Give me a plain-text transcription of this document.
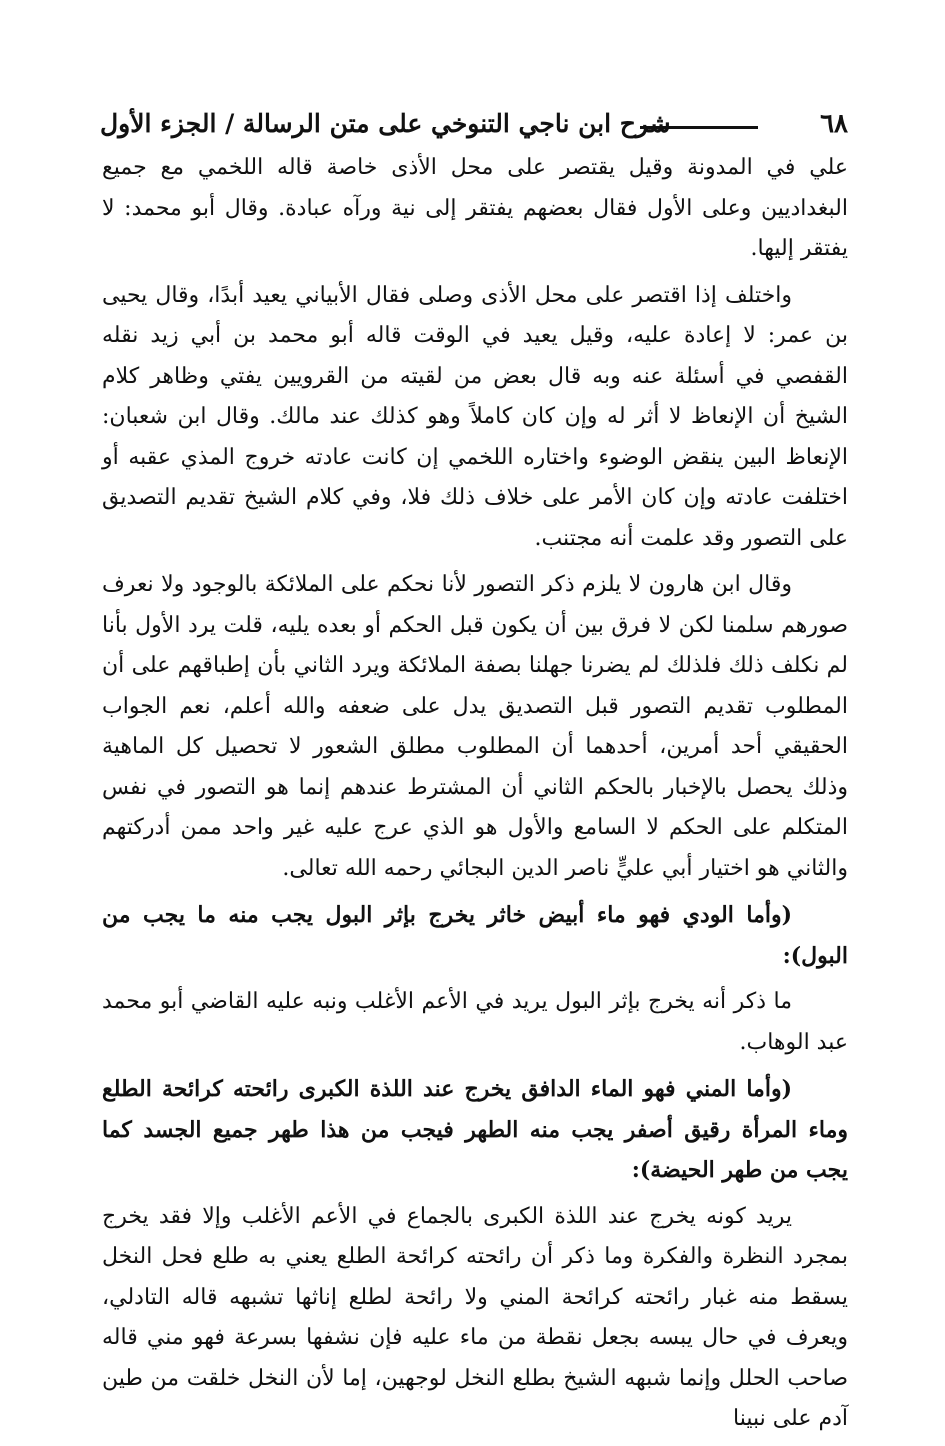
٦٨
شرح ابن ناجي التنوخي على متن الرسالة / الجزء الأول

علي في المدونة وقيل يقتصر على محل الأذى خاصة قاله اللخمي مع جميع البغداديين وعلى الأول فقال بعضهم يفتقر إلى نية ورآه عبادة. وقال أبو محمد: لا يفتقر إليها.

واختلف إذا اقتصر على محل الأذى وصلى فقال الأبياني يعيد أبدًا، وقال يحيى بن عمر: لا إعادة عليه، وقيل يعيد في الوقت قاله أبو محمد بن أبي زيد نقله القفصي في أسئلة عنه وبه قال بعض من لقيته من القرويين يفتي وظاهر كلام الشيخ أن الإنعاظ لا أثر له وإن كان كاملاً وهو كذلك عند مالك. وقال ابن شعبان: الإنعاظ البين ينقض الوضوء واختاره اللخمي إن كانت عادته خروج المذي عقبه أو اختلفت عادته وإن كان الأمر على خلاف ذلك فلا، وفي كلام الشيخ تقديم التصديق على التصور وقد علمت أنه مجتنب.

وقال ابن هارون لا يلزم ذكر التصور لأنا نحكم على الملائكة بالوجود ولا نعرف صورهم سلمنا لكن لا فرق بين أن يكون قبل الحكم أو بعده يليه، قلت يرد الأول بأنا لم نكلف ذلك فلذلك لم يضرنا جهلنا بصفة الملائكة ويرد الثاني بأن إطباقهم على أن المطلوب تقديم التصور قبل التصديق يدل على ضعفه والله أعلم، نعم الجواب الحقيقي أحد أمرين، أحدهما أن المطلوب مطلق الشعور لا تحصيل كل الماهية وذلك يحصل بالإخبار بالحكم الثاني أن المشترط عندهم إنما هو التصور في نفس المتكلم على الحكم لا السامع والأول هو الذي عرج عليه غير واحد ممن أدركتهم والثاني هو اختيار أبي عليٍّ ناصر الدين البجائي رحمه الله تعالى.

(وأما الودي فهو ماء أبيض خاثر يخرج بإثر البول يجب منه ما يجب من البول):

ما ذكر أنه يخرج بإثر البول يريد في الأعم الأغلب ونبه عليه القاضي أبو محمد عبد الوهاب.

(وأما المني فهو الماء الدافق يخرج عند اللذة الكبرى رائحته كرائحة الطلع وماء المرأة رقيق أصفر يجب منه الطهر فيجب من هذا طهر جميع الجسد كما يجب من طهر الحيضة):

يريد كونه يخرج عند اللذة الكبرى بالجماع في الأعم الأغلب وإلا فقد يخرج بمجرد النظرة والفكرة وما ذكر أن رائحته كرائحة الطلع يعني به طلع فحل النخل يسقط منه غبار رائحته كرائحة المني ولا رائحة لطلع إناثها تشبهه قاله التادلي، ويعرف في حال يبسه بجعل نقطة من ماء عليه فإن نشفها بسرعة فهو مني قاله صاحب الحلل وإنما شبهه الشيخ بطلع النخل لوجهين، إما لأن النخل خلقت من طين آدم على نبينا
